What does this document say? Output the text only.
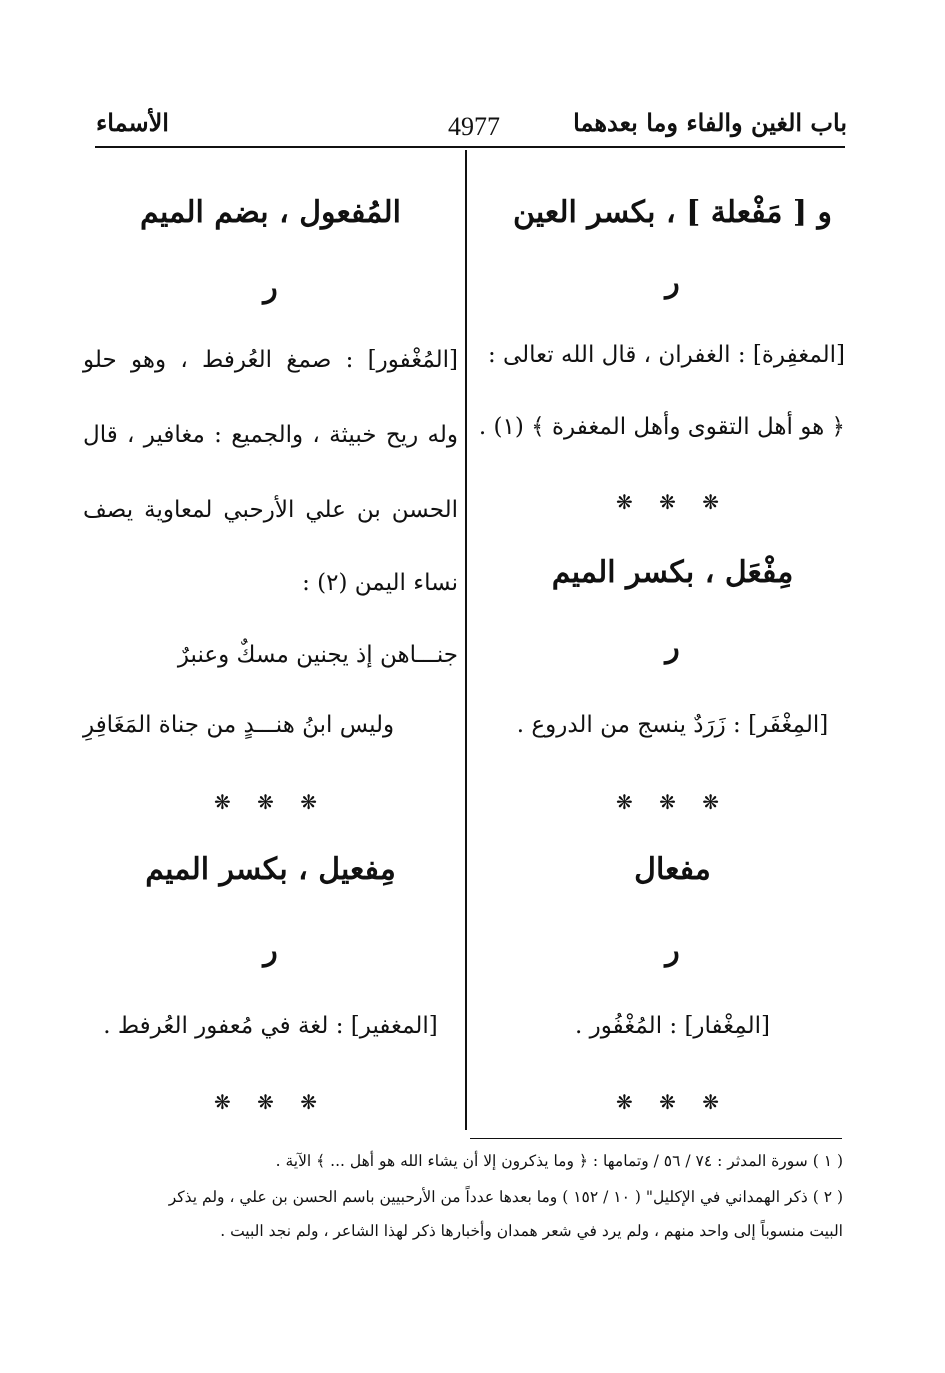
باب الغين والفاء وما بعدهما
4977
الأسماء
و [ مَفْعلة ] ، بكسر العين
ر
[المغفِرة] : الغفران ، قال الله تعالى :
﴿ هو أهل التقوى وأهل المغفرة ﴾ (١) .
❋ ❋ ❋
مِفْعَل ، بكسر الميم
ر
[المِغْفَر] : زَرَدٌ ينسج من الدروع .
❋ ❋ ❋
مفعال
ر
[المِغْفار] : المُغْفُور .
❋ ❋ ❋
المُفعول ، بضم الميم
ر
[المُغْفور] : صمغ العُرفط ، وهو حلو
وله ريح خبيثة ، والجميع : مغافير ، قال
الحسن بن علي الأرحبي لمعاوية يصف
نساء اليمن (٢) :
جنـــاهن إذ يجنين مسكٌ وعنبرٌ
وليس ابنُ هنـــدٍ من جناة المَغَافِرِ
❋ ❋ ❋
مِفعيل ، بكسر الميم
ر
[المغفير] : لغة في مُعفور العُرفط .
❋ ❋ ❋
( ١ ) سورة المدثر : ٧٤ / ٥٦ / وتمامها : ﴿ وما يذكرون إلا أن يشاء الله هو أهل ... ﴾ الآية .
( ٢ ) ذكر الهمداني في الإكليل" ( ١٠ / ١٥٢ ) وما بعدها عدداً من الأرحبيين باسم الحسن بن علي ، ولم يذكر
البيت منسوباً إلى واحد منهم ، ولم يرد في شعر همدان وأخبارها ذكر لهذا الشاعر ، ولم نجد البيت .
